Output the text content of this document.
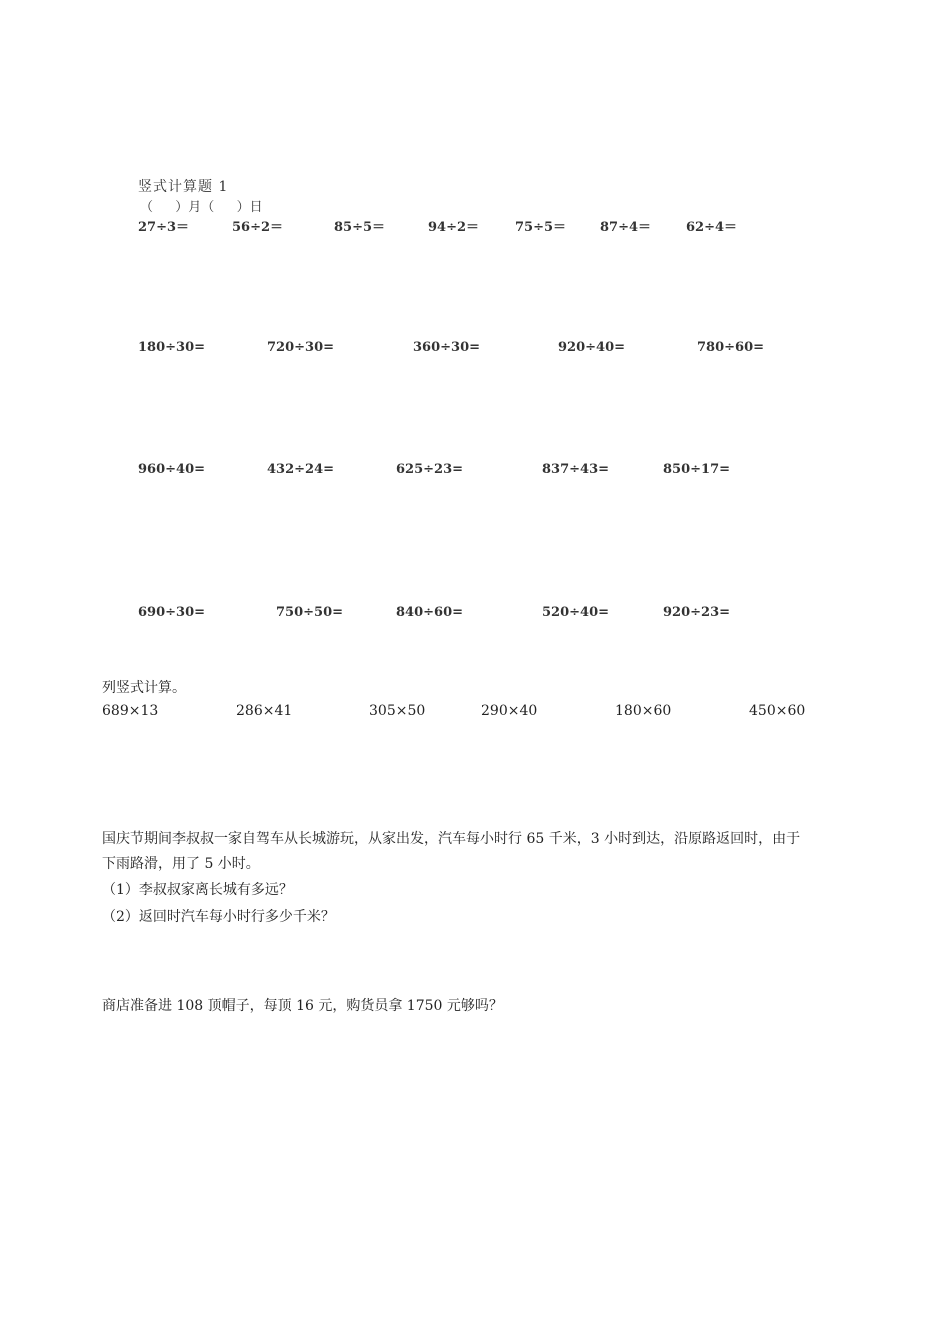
竖式计算题 1
（ ）月（ ）日
27÷3＝	56÷2＝	85÷5＝	94÷2＝	75÷5＝	87÷4＝	62÷4＝
180÷30=	720÷30=	360÷30=	920÷40=	780÷60=
960÷40=	432÷24=	625÷23=	837÷43=	850÷17=
690÷30=	750÷50=	840÷60=	520÷40=	920÷23=
列竖式计算。
689×13	286×41	305×50	290×40	180×60	450×60
国庆节期间李叔叔一家自驾车从长城游玩，从家出发，汽车每小时行 65 千米，3 小时到达，沿原路返回时，由于
下雨路滑，用了 5 小时。
（1）李叔叔家离长城有多远？
（2）返回时汽车每小时行多少千米？
商店准备进 108 顶帽子，每顶 16 元，购货员拿 1750 元够吗？
